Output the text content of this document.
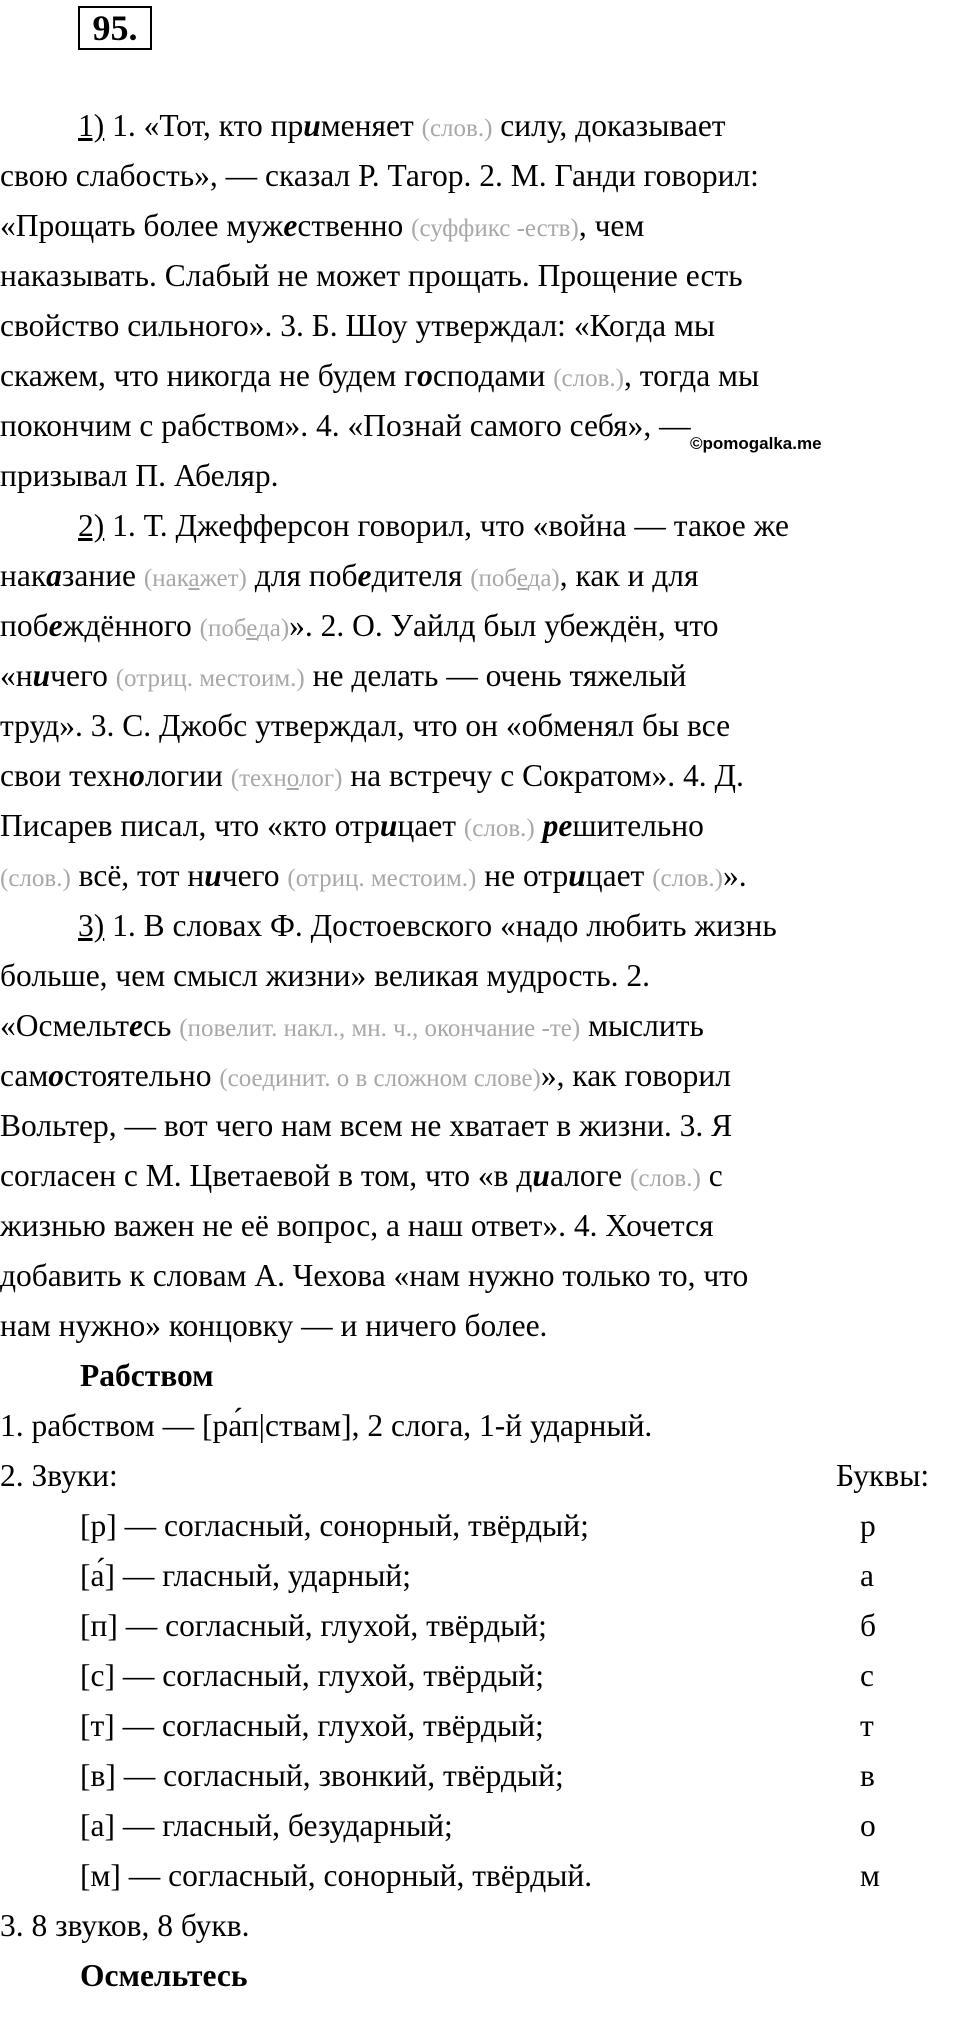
95.
1) 1. «Тот, кто применяет (слов.) силу, доказывает
свою слабость», — сказал Р. Тагор. 2. М. Ганди говорил:
«Прощать более мужественно (суффикс -еств), чем
наказывать. Слабый не может прощать. Прощение есть
свойство сильного». 3. Б. Шоу утверждал: «Когда мы
скажем, что никогда не будем господами (слов.), тогда мы
покончим с рабством». 4. «Познай самого себя», —
призывал П. Абеляр.
2) 1. Т. Джефферсон говорил, что «война — такое же
наказание (накажет) для победителя (победа), как и для
побеждённого (победа)». 2. О. Уайлд был убеждён, что
«ничего (отриц. местоим.) не делать — очень тяжелый
труд». 3. С. Джобс утверждал, что он «обменял бы все
свои технологии (технолог) на встречу с Сократом». 4. Д.
Писарев писал, что «кто отрицает (слов.) решительно
(слов.) всё, тот ничего (отриц. местоим.) не отрицает (слов.)».
3) 1. В словах Ф. Достоевского «надо любить жизнь
больше, чем смысл жизни» великая мудрость. 2.
«Осмельтесь (повелит. накл., мн. ч., окончание -те) мыслить
самостоятельно (соединит. о в сложном слове)», как говорил
Вольтер, — вот чего нам всем не хватает в жизни. 3. Я
согласен с М. Цветаевой в том, что «в диалоге (слов.) с
жизнью важен не её вопрос, а наш ответ». 4. Хочется
добавить к словам А. Чехова «нам нужно только то, что
нам нужно» концовку — и ничего более.
Рабством
1. рабством — [ра́п|ствам], 2 слога, 1-й ударный.
2. Звуки:	Буквы:
[р] — согласный, сонорный, твёрдый;	р
[а́] — гласный, ударный;	а
[п] — согласный, глухой, твёрдый;	б
[с] — согласный, глухой, твёрдый;	с
[т] — согласный, глухой, твёрдый;	т
[в] — согласный, звонкий, твёрдый;	в
[а] — гласный, безударный;	о
[м] — согласный, сонорный, твёрдый.	м
3. 8 звуков, 8 букв.
Осмельтесь
©pomogalka.me
